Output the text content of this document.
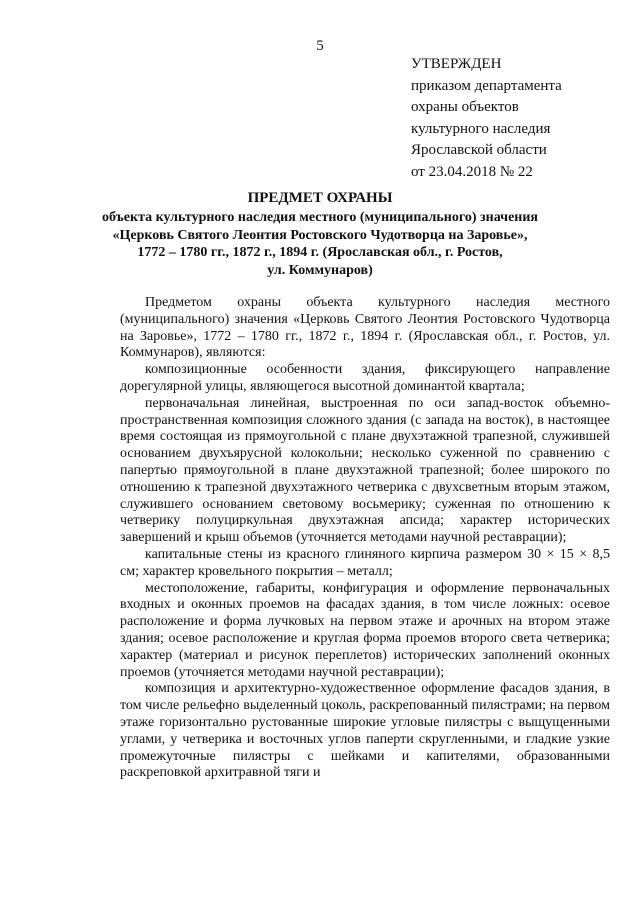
5
УТВЕРЖДЕН
приказом департамента
охраны объектов
культурного наследия
Ярославской области
от 23.04.2018 № 22
ПРЕДМЕТ ОХРАНЫ
объекта культурного наследия местного (муниципального) значения
«Церковь Святого Леонтия Ростовского Чудотворца на Заровье»,
1772 – 1780 гг., 1872 г., 1894 г. (Ярославская обл., г. Ростов,
ул. Коммунаров)

Предметом охраны объекта культурного наследия местного (муниципального) значения «Церковь Святого Леонтия Ростовского Чудотворца на Заровье», 1772 – 1780 гг., 1872 г., 1894 г. (Ярославская обл., г. Ростов, ул. Коммунаров), являются:

композиционные особенности здания, фиксирующего направление дорегулярной улицы, являющегося высотной доминантой квартала;

первоначальная линейная, выстроенная по оси запад-восток объемно-пространственная композиция сложного здания (с запада на восток), в настоящее время состоящая из прямоугольной с плане двухэтажной трапезной, служившей основанием двухъярусной колокольни; несколько суженной по сравнению с папертью прямоугольной в плане двухэтажной трапезной; более широкого по отношению к трапезной двухэтажного четверика с двухсветным вторым этажом, служившего основанием световому восьмерику; суженная по отношению к четверику полуциркульная двухэтажная апсида; характер исторических завершений и крыш объемов (уточняется методами научной реставрации);

капитальные стены из красного глиняного кирпича размером 30 × 15 × 8,5 см; характер кровельного покрытия – металл;

местоположение, габариты, конфигурация и оформление первоначальных входных и оконных проемов на фасадах здания, в том числе ложных: осевое расположение и форма лучковых на первом этаже и арочных на втором этаже здания; осевое расположение и круглая форма проемов второго света четверика; характер (материал и рисунок переплетов) исторических заполнений оконных проемов (уточняется методами научной реставрации);

композиция и архитектурно-художественное оформление фасадов здания, в том числе рельефно выделенный цоколь, раскрепованный пилястрами; на первом этаже горизонтально рустованные широкие угловые пилястры с выщущенными углами, у четверика и восточных углов паперти скругленными, и гладкие узкие промежуточные пилястры с шейками и капителями, образованными раскреповкой архитравной тяги и
